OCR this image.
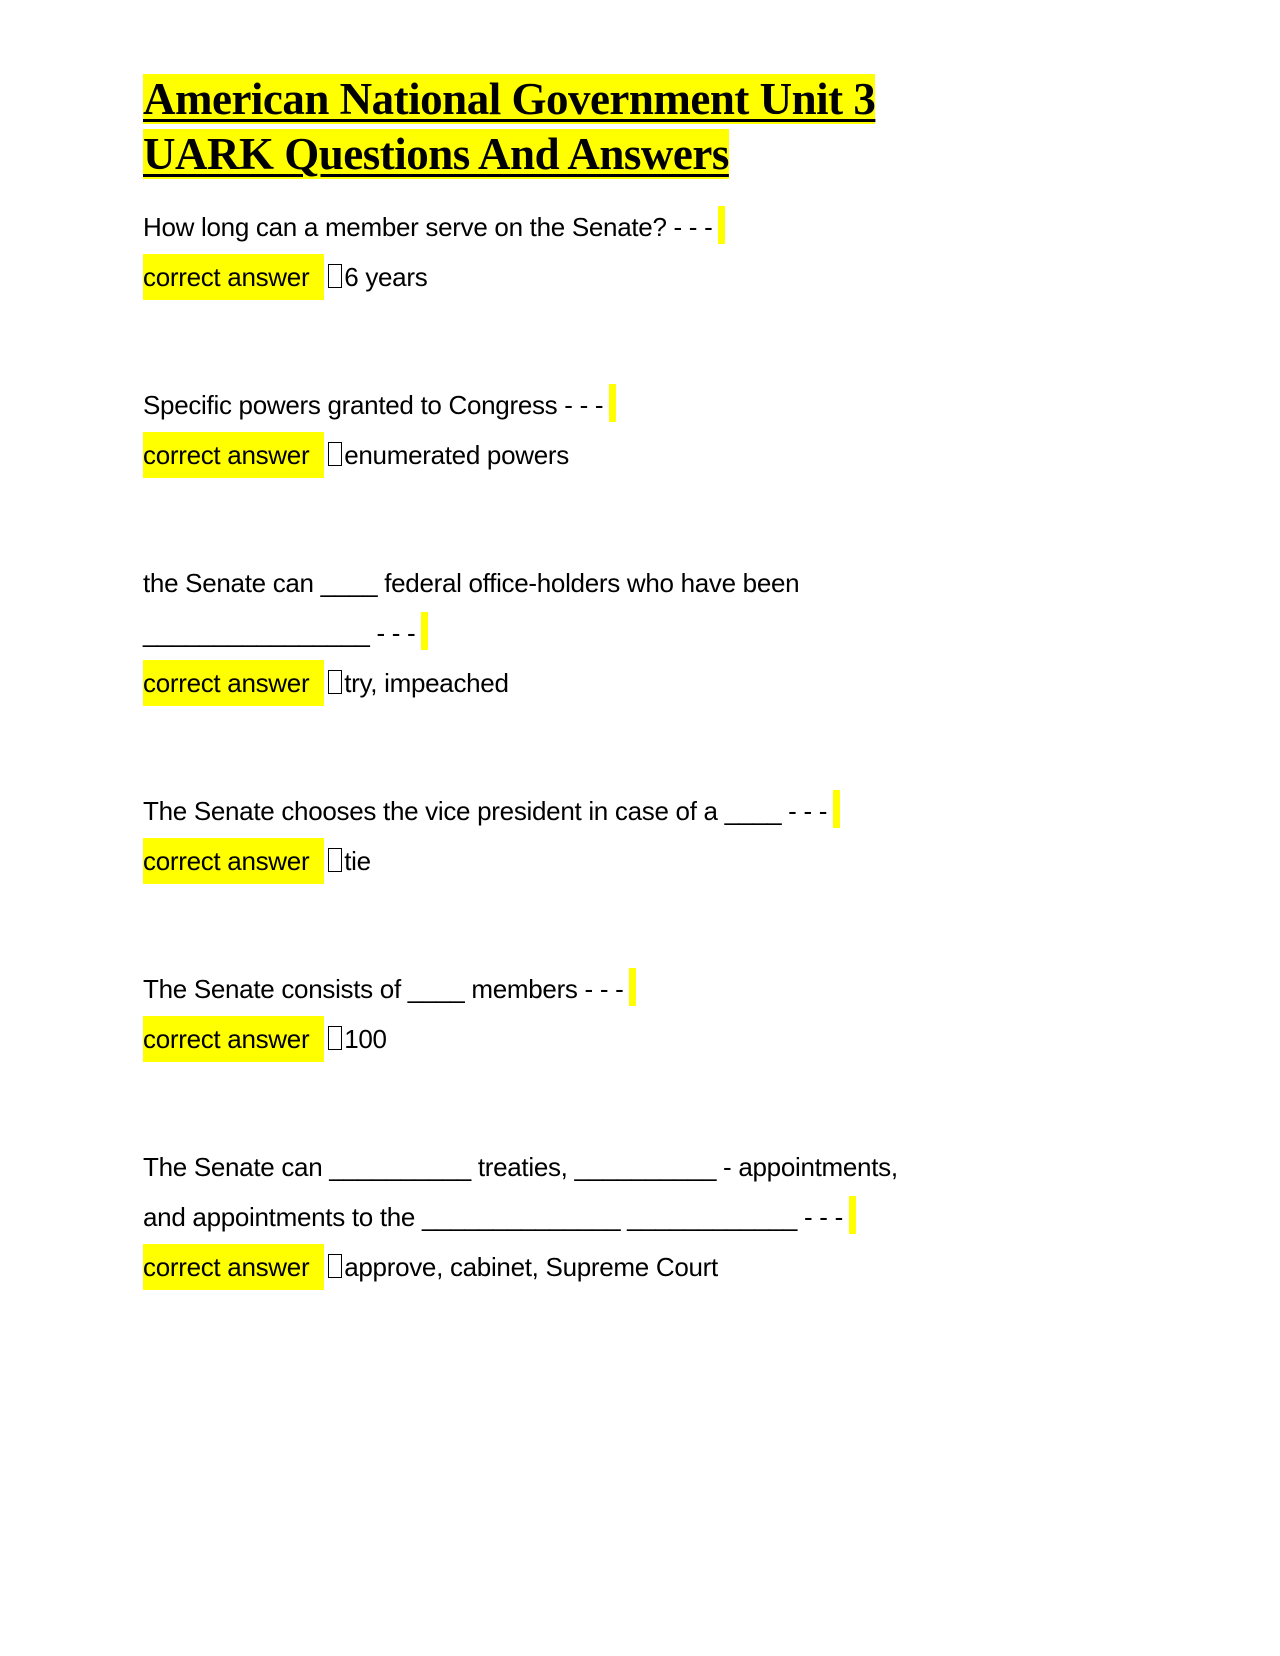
American National Government Unit 3
UARK Questions And Answers
How long can a member serve on the Senate? - - -
correct answer 6 years
Specific powers granted to Congress - - -
correct answer enumerated powers
the Senate can ____ federal office-holders who have been
________________ - - -
correct answer try, impeached
The Senate chooses the vice president in case of a ____ - - -
correct answer tie
The Senate consists of ____ members - - -
correct answer 100
The Senate can __________ treaties, __________ - appointments,
and appointments to the ______________ ____________ - - -
correct answer approve, cabinet, Supreme Court
